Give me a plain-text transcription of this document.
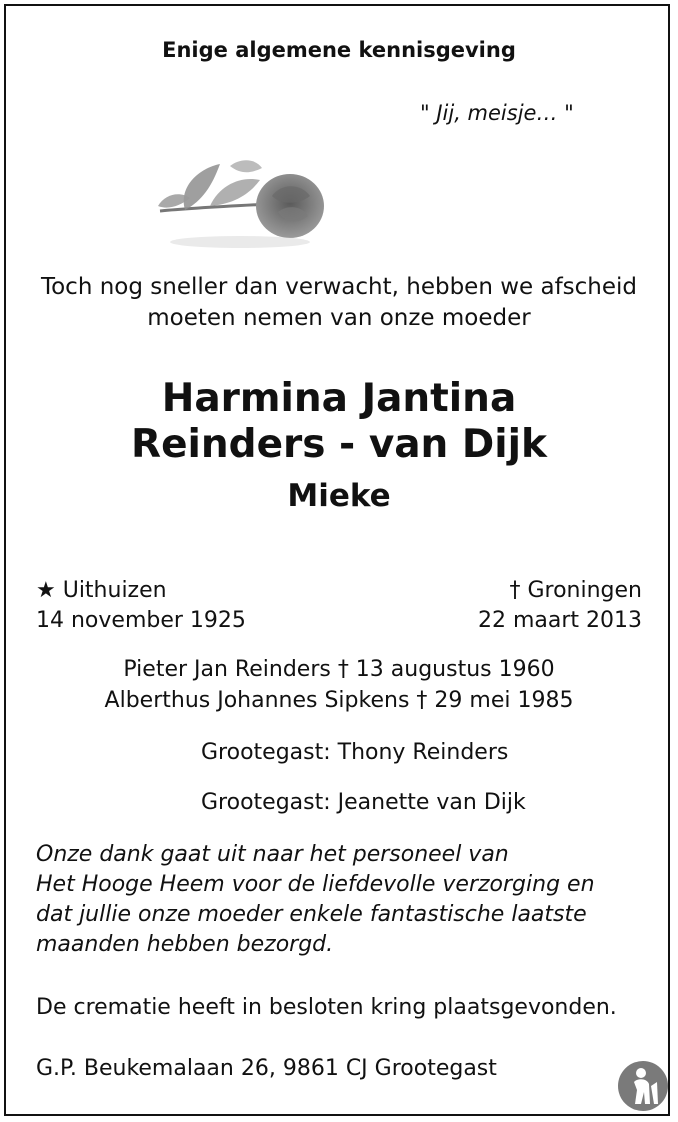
Enige algemene kennisgeving
" Jij, meisje… "
Toch nog sneller dan verwacht, hebben we afscheid
moeten nemen van onze moeder
Harmina Jantina
Reinders - van Dijk
Mieke
★ Uithuizen
14 november 1925
† Groningen
22 maart 2013
Pieter Jan Reinders † 13 augustus 1960
Alberthus Johannes Sipkens † 29 mei 1985
Grootegast: Thony Reinders
Grootegast: Jeanette van Dijk
Onze dank gaat uit naar het personeel van
Het Hooge Heem voor de liefdevolle verzorging en
dat jullie onze moeder enkele fantastische laatste
maanden hebben bezorgd.
De crematie heeft in besloten kring plaatsgevonden.
G.P. Beukemalaan 26, 9861 CJ Grootegast
